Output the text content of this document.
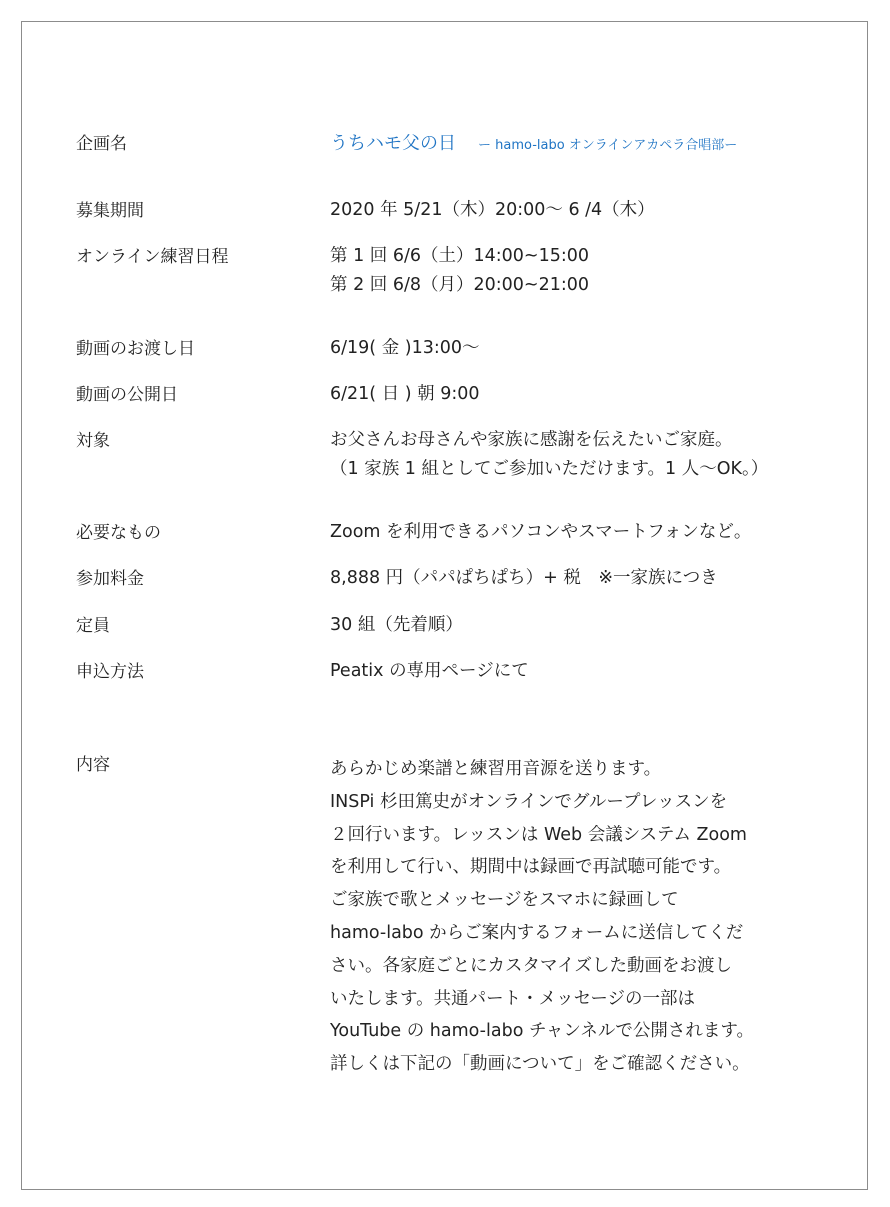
企画名	うちハモ父の日 ー hamo-labo オンラインアカペラ合唱部ー
募集期間	2020 年 5/21（木）20:00～ 6 /4（木）
オンライン練習日程	第 1 回 6/6（土）14:00~15:00
第 2 回 6/8（月）20:00~21:00
動画のお渡し日	6/19( 金 )13:00～
動画の公開日	6/21( 日 ) 朝 9:00
対象	お父さんお母さんや家族に感謝を伝えたいご家庭。
（1 家族 1 組としてご参加いただけます。1 人～OK。）
必要なもの	Zoom を利用できるパソコンやスマートフォンなど。
参加料金	8,888 円（パパぱちぱち）+ 税　※一家族につき
定員	30 組（先着順）
申込方法	Peatix の専用ページにて
内容	あらかじめ楽譜と練習用音源を送ります。
INSPi 杉田篤史がオンラインでグループレッスンを
２回行います。レッスンは Web 会議システム Zoom
を利用して行い、期間中は録画で再試聴可能です。
ご家族で歌とメッセージをスマホに録画して
hamo-labo からご案内するフォームに送信してくだ
さい。各家庭ごとにカスタマイズした動画をお渡し
いたします。共通パート・メッセージの一部は
YouTube の hamo-labo チャンネルで公開されます。
詳しくは下記の「動画について」をご確認ください。
